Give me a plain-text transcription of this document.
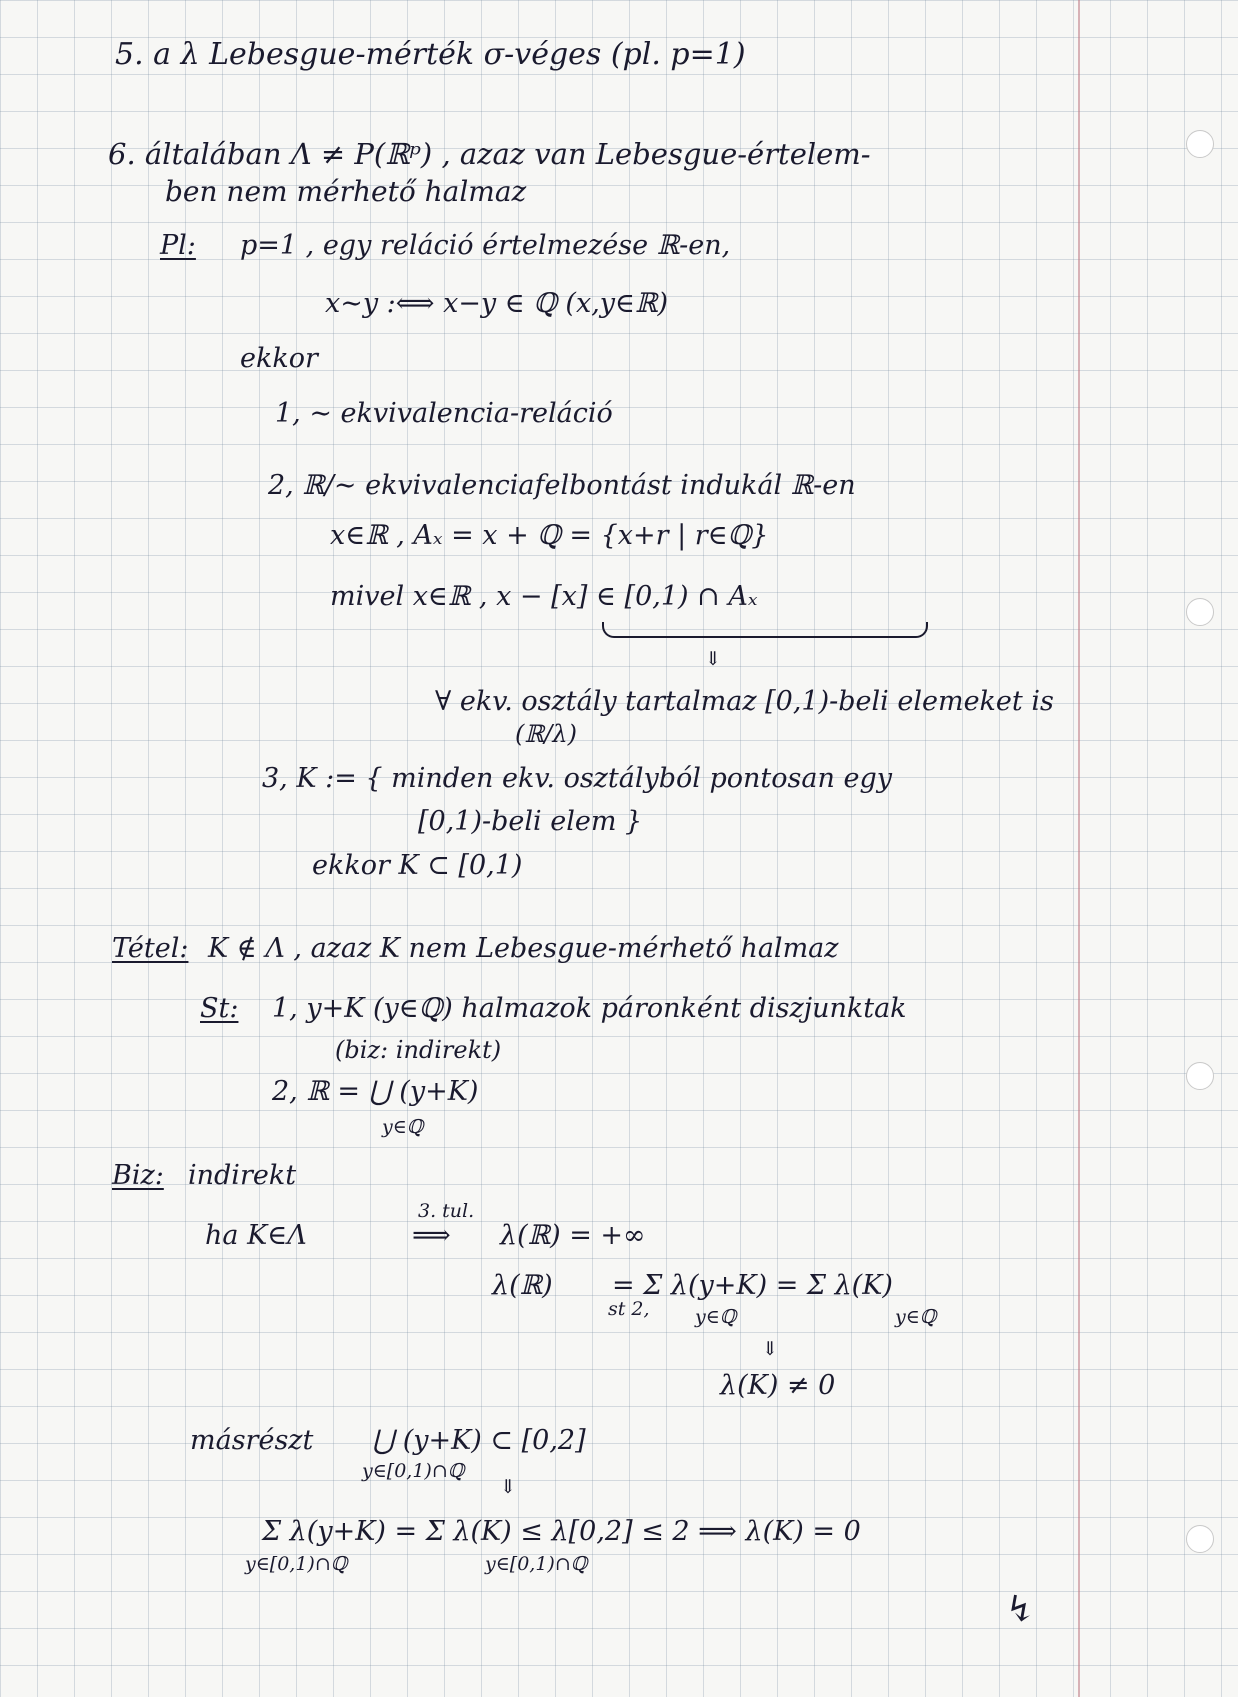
5. a λ Lebesgue-mérték σ-véges (pl. p=1)
6. általában Λ ≠ P(ℝᵖ) , azaz van Lebesgue-értelem-
ben nem mérhető halmaz
Pl: p=1 , egy reláció értelmezése ℝ-en,
x∼y :⟺ x−y ∈ ℚ (x,y∈ℝ)
ekkor
1, ∼ ekvivalencia-reláció
2, ℝ/∼ ekvivalenciafelbontást indukál ℝ-en
x∈ℝ , Aₓ = x + ℚ = {x+r | r∈ℚ}
mivel x∈ℝ , x − [x] ∈ [0,1) ∩ Aₓ
⇓
∀ ekv. osztály tartalmaz [0,1)-beli elemeket is
(ℝ/λ)
3, K := { minden ekv. osztályból pontosan egy
[0,1)-beli elem }
ekkor K ⊂ [0,1)
Tétel: K ∉ Λ , azaz K nem Lebesgue-mérhető halmaz
St: 1, y+K (y∈ℚ) halmazok páronként diszjunktak
(biz: indirekt)
2, ℝ = ⋃ (y+K)
y∈ℚ
Biz: indirekt
ha K∈Λ
3. tul.
⟹ λ(ℝ) = +∞
λ(ℝ)
st 2,
= Σ λ(y+K) = Σ λ(K)
y∈ℚ	y∈ℚ
⇓
λ(K) ≠ 0
másrészt ⋃ (y+K) ⊂ [0,2]
y∈[0,1)∩ℚ
⇓
Σ λ(y+K) = Σ λ(K) ≤ λ[0,2] ≤ 2 ⟹ λ(K) = 0
y∈[0,1)∩ℚ	y∈[0,1)∩ℚ
↯
